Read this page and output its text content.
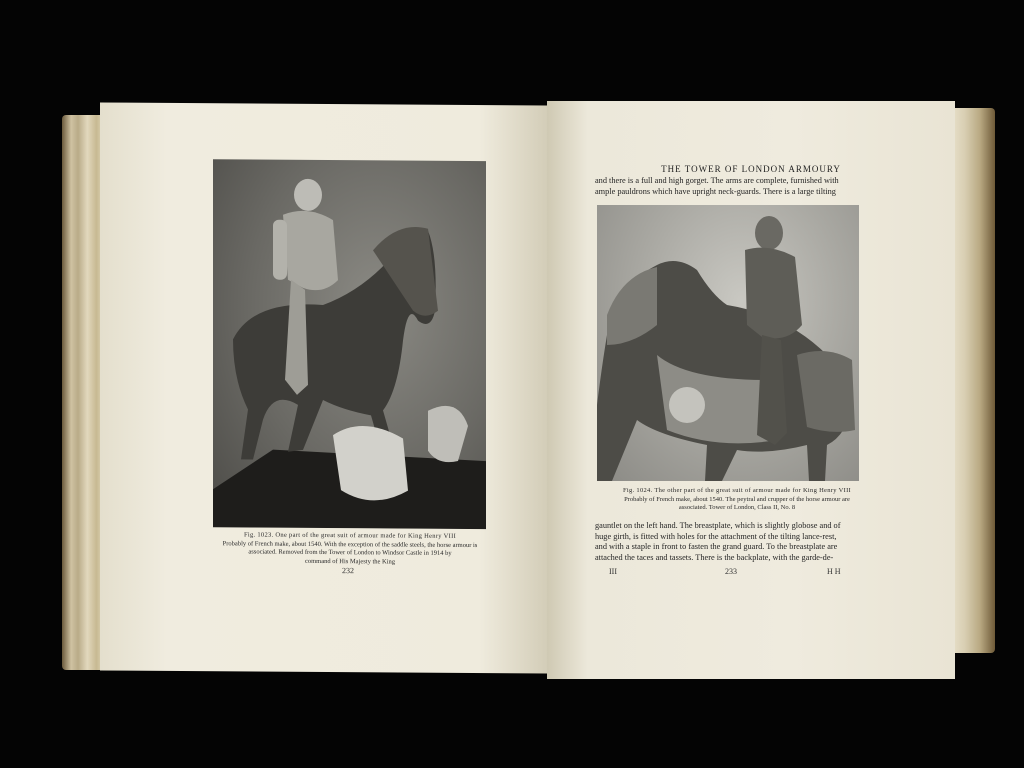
Fig. 1023. One part of the great suit of armour made for King Henry VIII
Probably of French make, about 1540. With the exception of the saddle steels, the horse armour is
associated. Removed from the Tower of London to Windsor Castle in 1914 by
command of His Majesty the King
232
THE TOWER OF LONDON ARMOURY
and there is a full and high gorget. The arms are complete, furnished with
ample pauldrons which have upright neck-guards. There is a large tilting
Fig. 1024. The other part of the great suit of armour made for King Henry VIII
Probably of French make, about 1540. The peytral and crupper of the horse armour are
associated. Tower of London, Class II, No. 8
gauntlet on the left hand. The breastplate, which is slightly globose and of
huge girth, is fitted with holes for the attachment of the tilting lance-rest,
and with a staple in front to fasten the grand guard. To the breastplate are
attached the taces and tassets. There is the backplate, with the garde-de-
III	233	H H
